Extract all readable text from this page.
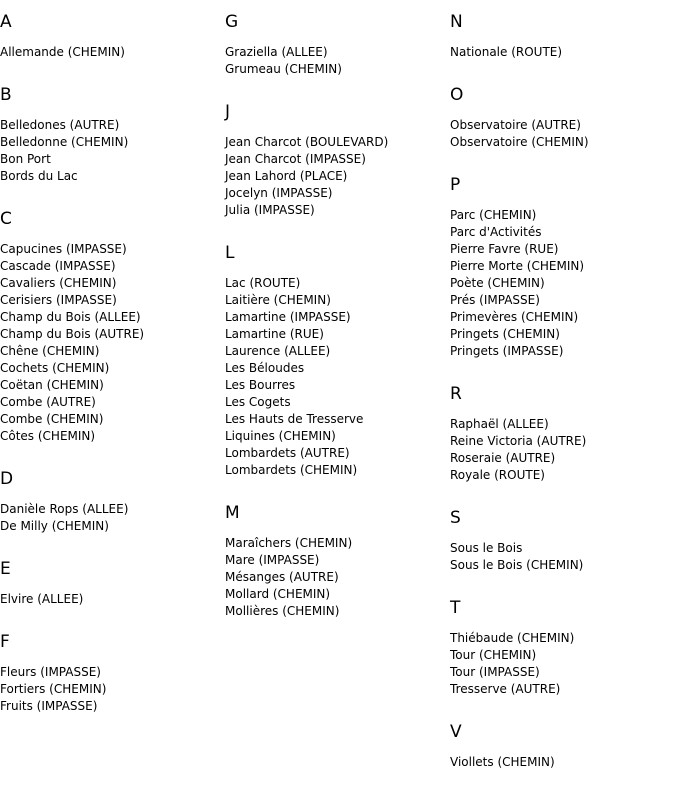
A
Allemande (CHEMIN)
B
Belledones (AUTRE)
Belledonne (CHEMIN)
Bon Port
Bords du Lac
C
Capucines (IMPASSE)
Cascade (IMPASSE)
Cavaliers (CHEMIN)
Cerisiers (IMPASSE)
Champ du Bois (ALLEE)
Champ du Bois (AUTRE)
Chêne (CHEMIN)
Cochets (CHEMIN)
Coëtan (CHEMIN)
Combe (AUTRE)
Combe (CHEMIN)
Côtes (CHEMIN)
D
Danièle Rops (ALLEE)
De Milly (CHEMIN)
E
Elvire (ALLEE)
F
Fleurs (IMPASSE)
Fortiers (CHEMIN)
Fruits (IMPASSE)
G
Graziella (ALLEE)
Grumeau (CHEMIN)
J
Jean Charcot (BOULEVARD)
Jean Charcot (IMPASSE)
Jean Lahord (PLACE)
Jocelyn (IMPASSE)
Julia (IMPASSE)
L
Lac (ROUTE)
Laitière (CHEMIN)
Lamartine (IMPASSE)
Lamartine (RUE)
Laurence (ALLEE)
Les Béloudes
Les Bourres
Les Cogets
Les Hauts de Tresserve
Liquines (CHEMIN)
Lombardets (AUTRE)
Lombardets (CHEMIN)
M
Maraîchers (CHEMIN)
Mare (IMPASSE)
Mésanges (AUTRE)
Mollard (CHEMIN)
Mollières (CHEMIN)
N
Nationale (ROUTE)
O
Observatoire (AUTRE)
Observatoire (CHEMIN)
P
Parc (CHEMIN)
Parc d'Activités
Pierre Favre (RUE)
Pierre Morte (CHEMIN)
Poète (CHEMIN)
Prés (IMPASSE)
Primevères (CHEMIN)
Pringets (CHEMIN)
Pringets (IMPASSE)
R
Raphaël (ALLEE)
Reine Victoria (AUTRE)
Roseraie (AUTRE)
Royale (ROUTE)
S
Sous le Bois
Sous le Bois (CHEMIN)
T
Thiébaude (CHEMIN)
Tour (CHEMIN)
Tour (IMPASSE)
Tresserve (AUTRE)
V
Viollets (CHEMIN)
